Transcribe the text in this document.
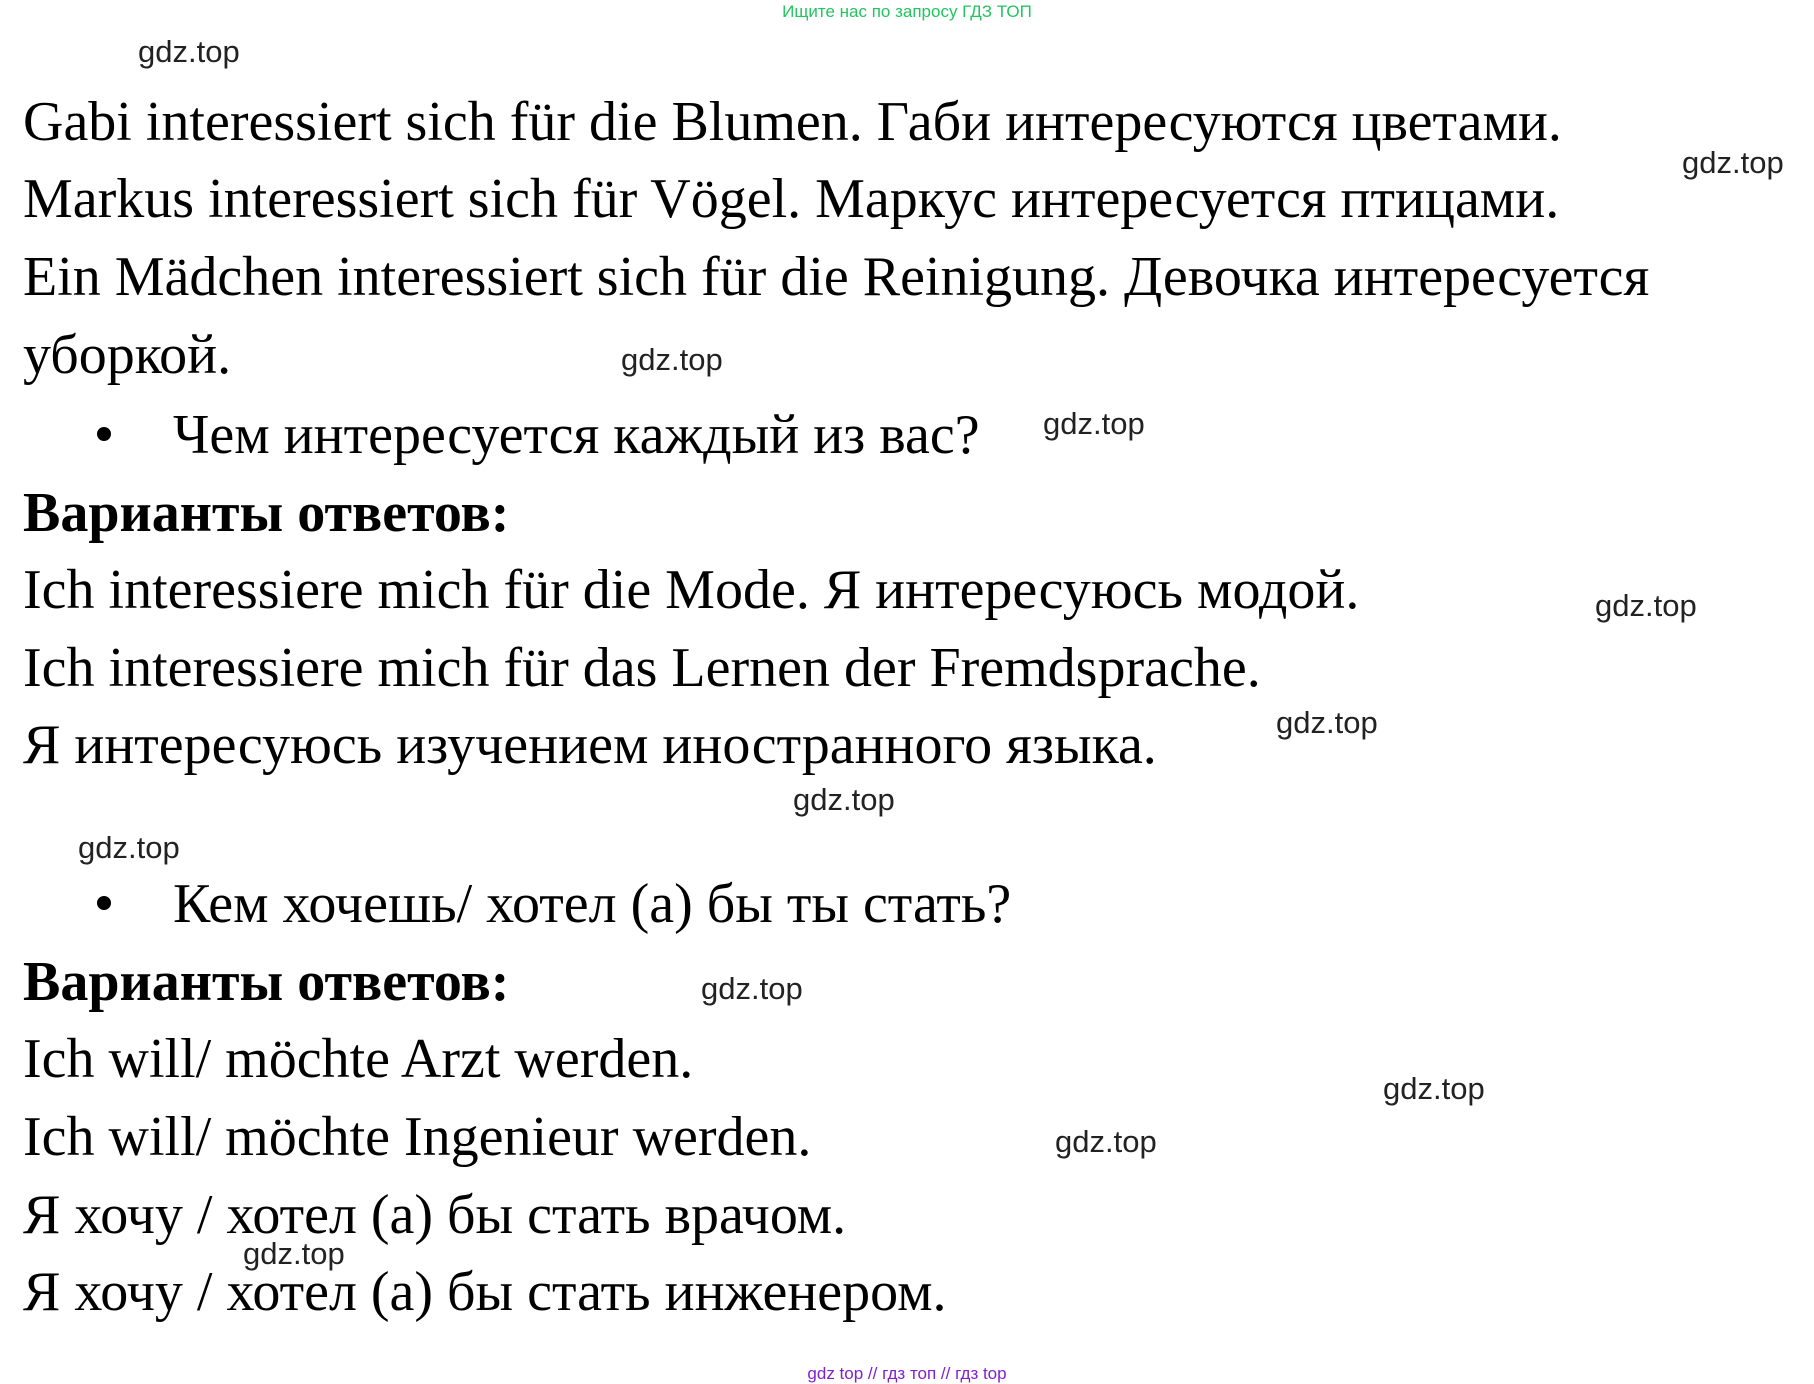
Ищите нас по запросу ГДЗ ТОП
gdz.top
gdz.top
gdz.top
gdz.top
gdz.top
gdz.top
gdz.top
gdz.top
gdz.top
gdz.top
gdz.top
gdz.top
Gabi interessiert sich für die Blumen. Габи интересуются цветами.
Markus interessiert sich für Vögel. Маркус интересуется птицами.
Ein Mädchen interessiert sich für die Reinigung. Девочка интересуется
уборкой.
Чем интересуется каждый из вас?
Варианты ответов:
Ich interessiere mich für die Mode. Я интересуюсь модой.
Ich interessiere mich für das Lernen der Fremdsprache.
Я интересуюсь изучением иностранного языка.
Кем хочешь/ хотел (а) бы ты стать?
Варианты ответов:
Ich will/ möchte Arzt werden.
Ich will/ möchte Ingenieur werden.
Я хочу / хотел (а) бы стать врачом.
Я хочу / хотел (а) бы стать инженером.
gdz top // гдз топ // гдз top
